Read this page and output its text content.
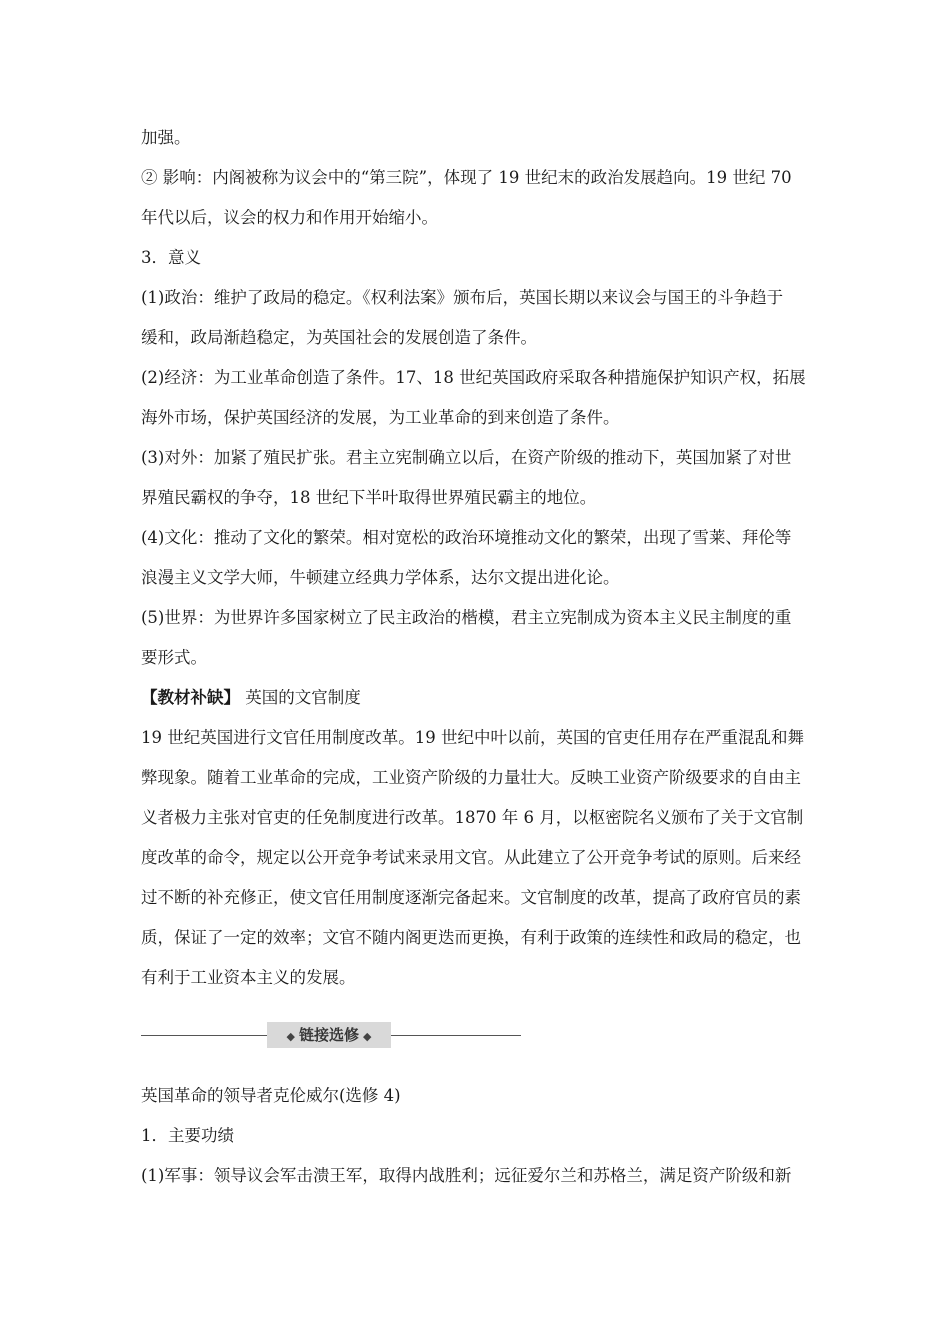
加强。

② 影响：内阁被称为议会中的“第三院”，体现了 19 世纪末的政治发展趋向。19 世纪 70

年代以后，议会的权力和作用开始缩小。

3．意义

(1)政治：维护了政局的稳定。《权利法案》颁布后，英国长期以来议会与国王的斗争趋于

缓和，政局渐趋稳定，为英国社会的发展创造了条件。

(2)经济：为工业革命创造了条件。17、18 世纪英国政府采取各种措施保护知识产权，拓展

海外市场，保护英国经济的发展，为工业革命的到来创造了条件。

(3)对外：加紧了殖民扩张。君主立宪制确立以后，在资产阶级的推动下，英国加紧了对世

界殖民霸权的争夺，18 世纪下半叶取得世界殖民霸主的地位。

(4)文化：推动了文化的繁荣。相对宽松的政治环境推动文化的繁荣，出现了雪莱、拜伦等

浪漫主义文学大师，牛顿建立经典力学体系，达尔文提出进化论。

(5)世界：为世界许多国家树立了民主政治的楷模，君主立宪制成为资本主义民主制度的重

要形式。

【教材补缺】 英国的文官制度

19 世纪英国进行文官任用制度改革。19 世纪中叶以前，英国的官吏任用存在严重混乱和舞

弊现象。随着工业革命的完成，工业资产阶级的力量壮大。反映工业资产阶级要求的自由主

义者极力主张对官吏的任免制度进行改革。1870 年 6 月，以枢密院名义颁布了关于文官制

度改革的命令，规定以公开竞争考试来录用文官。从此建立了公开竞争考试的原则。后来经

过不断的补充修正，使文官任用制度逐渐完备起来。文官制度的改革，提高了政府官员的素

质，保证了一定的效率；文官不随内阁更迭而更换，有利于政策的连续性和政局的稳定，也

有利于工业资本主义的发展。

◆ 链接选修 ◆

英国革命的领导者克伦威尔(选修 4)

1．主要功绩

(1)军事：领导议会军击溃王军，取得内战胜利；远征爱尔兰和苏格兰，满足资产阶级和新
